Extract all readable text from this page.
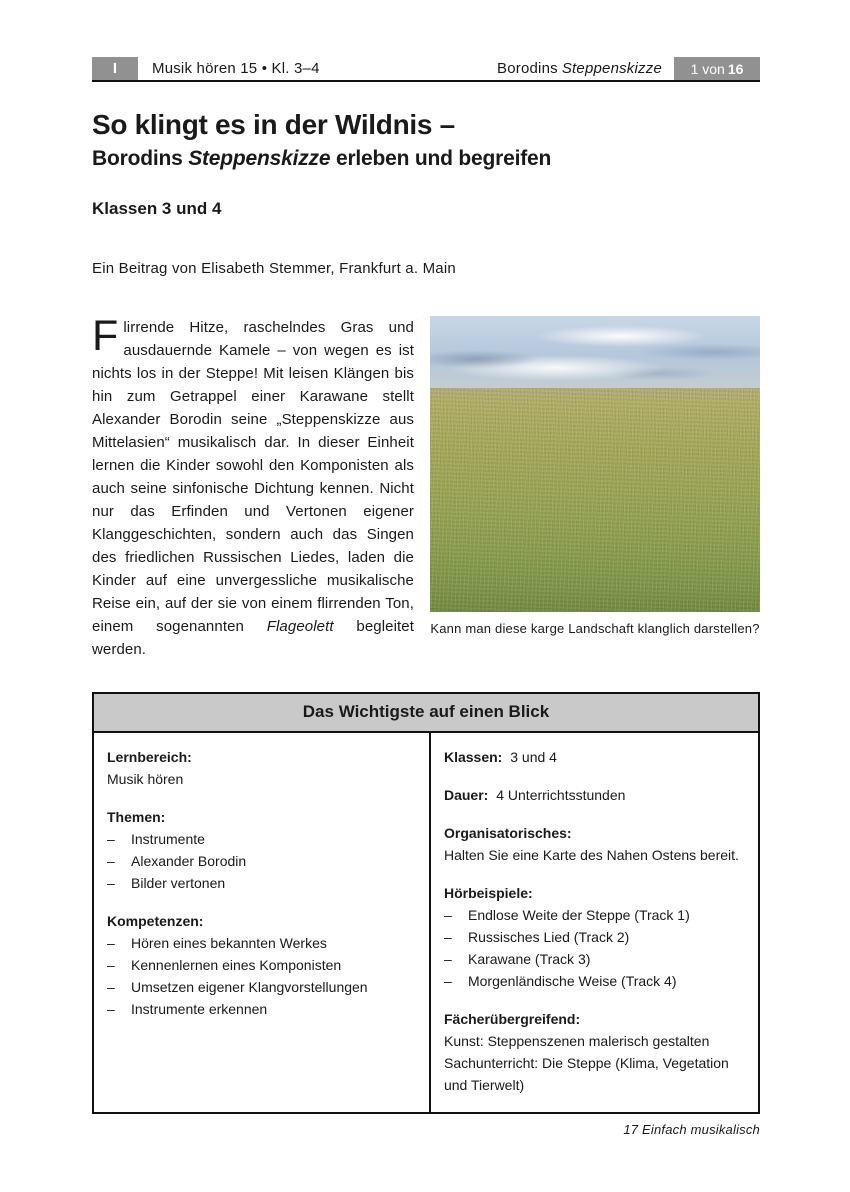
I	Musik hören 15 • Kl. 3–4	Borodins Steppenskizze 1 von 16
So klingt es in der Wildnis –
Borodins Steppenskizze erleben und begreifen
Klassen 3 und 4
Ein Beitrag von Elisabeth Stemmer, Frankfurt a. Main

Flirrende Hitze, raschelndes Gras und ausdauernde Kamele – von wegen es ist nichts los in der Steppe! Mit leisen Klängen bis hin zum Getrappel einer Karawane stellt Alexander Borodin seine „Steppenskizze aus Mittelasien“ musikalisch dar. In dieser Einheit lernen die Kinder sowohl den Komponisten als auch seine sinfonische Dichtung kennen. Nicht nur das Erfinden und Vertonen eigener Klanggeschichten, sondern auch das Singen des friedlichen Russischen Liedes, laden die Kinder auf eine unvergessliche musikalische Reise ein, auf der sie von einem flirrenden Ton, einem sogenannten Flageolett begleitet werden.

Kann man diese karge Landschaft klanglich darstellen?
Das Wichtigste auf einen Blick
Lernbereich:
Musik hören
Themen:
–	Instrumente
–	Alexander Borodin
–	Bilder vertonen
Kompetenzen:
–	Hören eines bekannten Werkes
–	Kennenlernen eines Komponisten
–	Umsetzen eigener Klangvorstellungen
–	Instrumente erkennen
Klassen: 3 und 4
Dauer: 4 Unterrichtsstunden
Organisatorisches:
Halten Sie eine Karte des Nahen Ostens bereit.
Hörbeispiele:
–	Endlose Weite der Steppe (Track 1)
–	Russisches Lied (Track 2)
–	Karawane (Track 3)
–	Morgenländische Weise (Track 4)
Fächerübergreifend:
Kunst: Steppenszenen malerisch gestalten
Sachunterricht: Die Steppe (Klima, Vegetation und Tierwelt)
17 Einfach musikalisch
